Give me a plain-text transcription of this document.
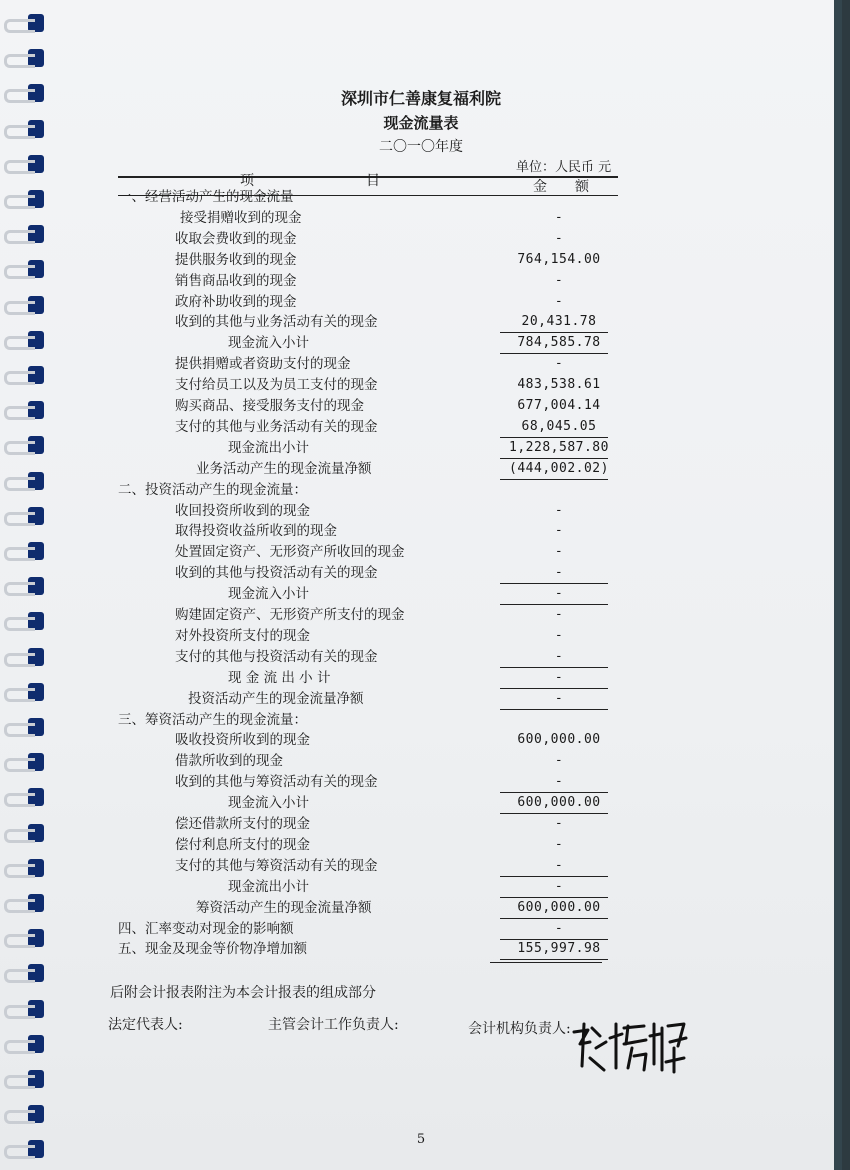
深圳市仁善康复福利院
现金流量表
二〇一〇年度
单位：人民币 元
项　　　　　　　　目	金　　额
一、经营活动产生的现金流量
接受捐赠收到的现金	-
收取会费收到的现金	-
提供服务收到的现金	764,154.00
销售商品收到的现金	-
政府补助收到的现金	-
收到的其他与业务活动有关的现金	20,431.78
现金流入小计	784,585.78
提供捐赠或者资助支付的现金	-
支付给员工以及为员工支付的现金	483,538.61
购买商品、接受服务支付的现金	677,004.14
支付的其他与业务活动有关的现金	68,045.05
现金流出小计	1,228,587.80
业务活动产生的现金流量净额	(444,002.02)
二、投资活动产生的现金流量：
收回投资所收到的现金	-
取得投资收益所收到的现金	-
处置固定资产、无形资产所收回的现金	-
收到的其他与投资活动有关的现金	-
现金流入小计	-
购建固定资产、无形资产所支付的现金	-
对外投资所支付的现金	-
支付的其他与投资活动有关的现金	-
现 金 流 出 小 计	-
投资活动产生的现金流量净额	-
三、筹资活动产生的现金流量：
吸收投资所收到的现金	600,000.00
借款所收到的现金	-
收到的其他与筹资活动有关的现金	-
现金流入小计	600,000.00
偿还借款所支付的现金	-
偿付利息所支付的现金	-
支付的其他与筹资活动有关的现金	-
现金流出小计	-
筹资活动产生的现金流量净额	600,000.00
四、汇率变动对现金的影响额	-
五、现金及现金等价物净增加额	155,997.98
后附会计报表附注为本会计报表的组成部分
法定代表人:	主管会计工作负责人:	会计机构负责人:
5
